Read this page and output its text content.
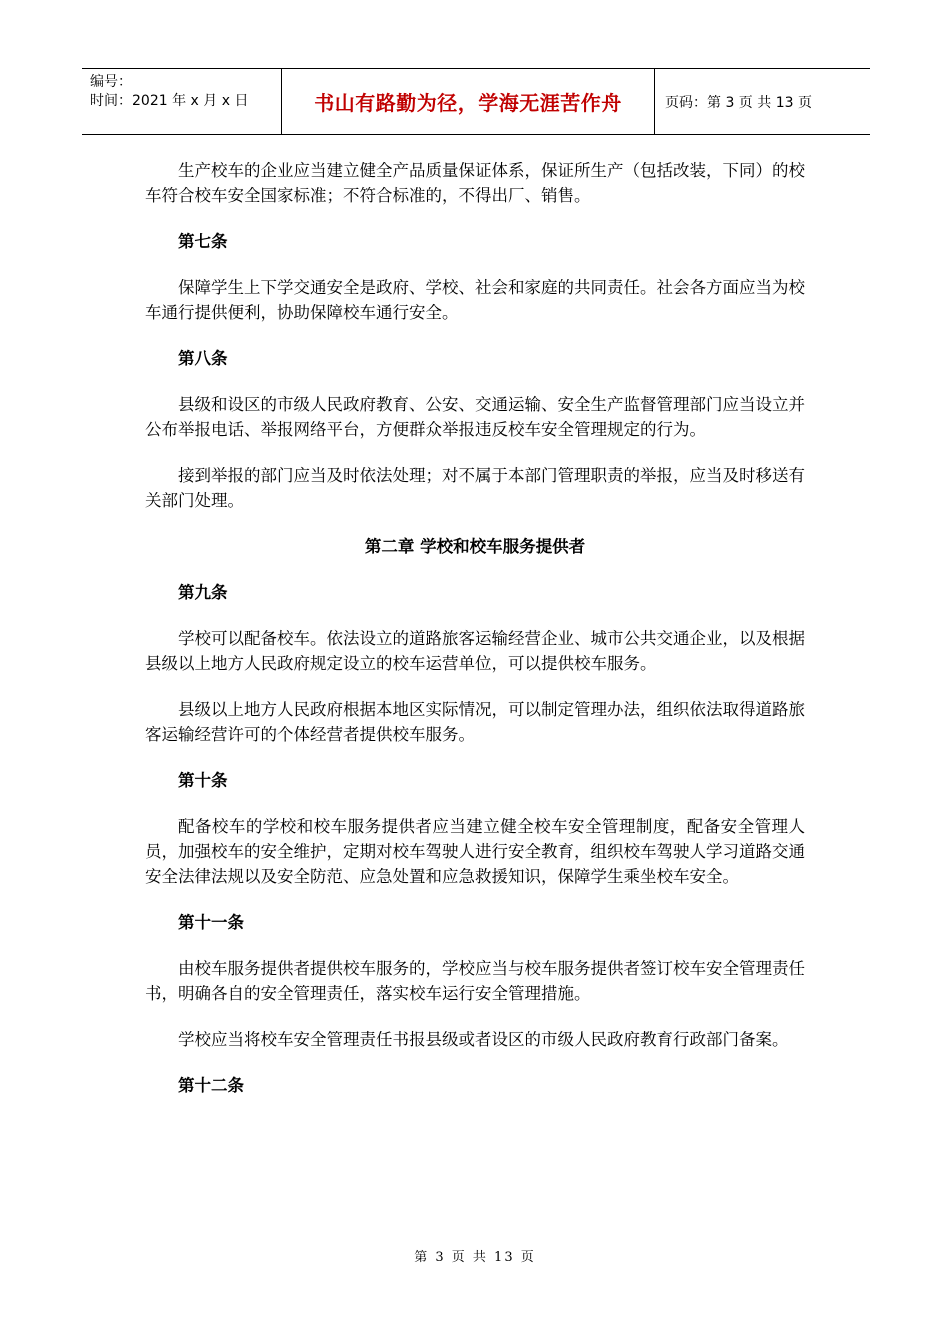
编号：
时间：2021 年 x 月 x 日	书山有路勤为径，学海无涯苦作舟	页码：第 3 页 共 13 页
生产校车的企业应当建立健全产品质量保证体系，保证所生产（包括改装，下同）的校车符合校车安全国家标准；不符合标准的，不得出厂、销售。
第七条
保障学生上下学交通安全是政府、学校、社会和家庭的共同责任。社会各方面应当为校车通行提供便利，协助保障校车通行安全。
第八条
县级和设区的市级人民政府教育、公安、交通运输、安全生产监督管理部门应当设立并公布举报电话、举报网络平台，方便群众举报违反校车安全管理规定的行为。
接到举报的部门应当及时依法处理；对不属于本部门管理职责的举报，应当及时移送有关部门处理。
第二章 学校和校车服务提供者
第九条
学校可以配备校车。依法设立的道路旅客运输经营企业、城市公共交通企业，以及根据县级以上地方人民政府规定设立的校车运营单位，可以提供校车服务。
县级以上地方人民政府根据本地区实际情况，可以制定管理办法，组织依法取得道路旅客运输经营许可的个体经营者提供校车服务。
第十条
配备校车的学校和校车服务提供者应当建立健全校车安全管理制度，配备安全管理人员，加强校车的安全维护，定期对校车驾驶人进行安全教育，组织校车驾驶人学习道路交通安全法律法规以及安全防范、应急处置和应急救援知识，保障学生乘坐校车安全。
第十一条
由校车服务提供者提供校车服务的，学校应当与校车服务提供者签订校车安全管理责任书，明确各自的安全管理责任，落实校车运行安全管理措施。
学校应当将校车安全管理责任书报县级或者设区的市级人民政府教育行政部门备案。
第十二条
第 3 页 共 13 页
